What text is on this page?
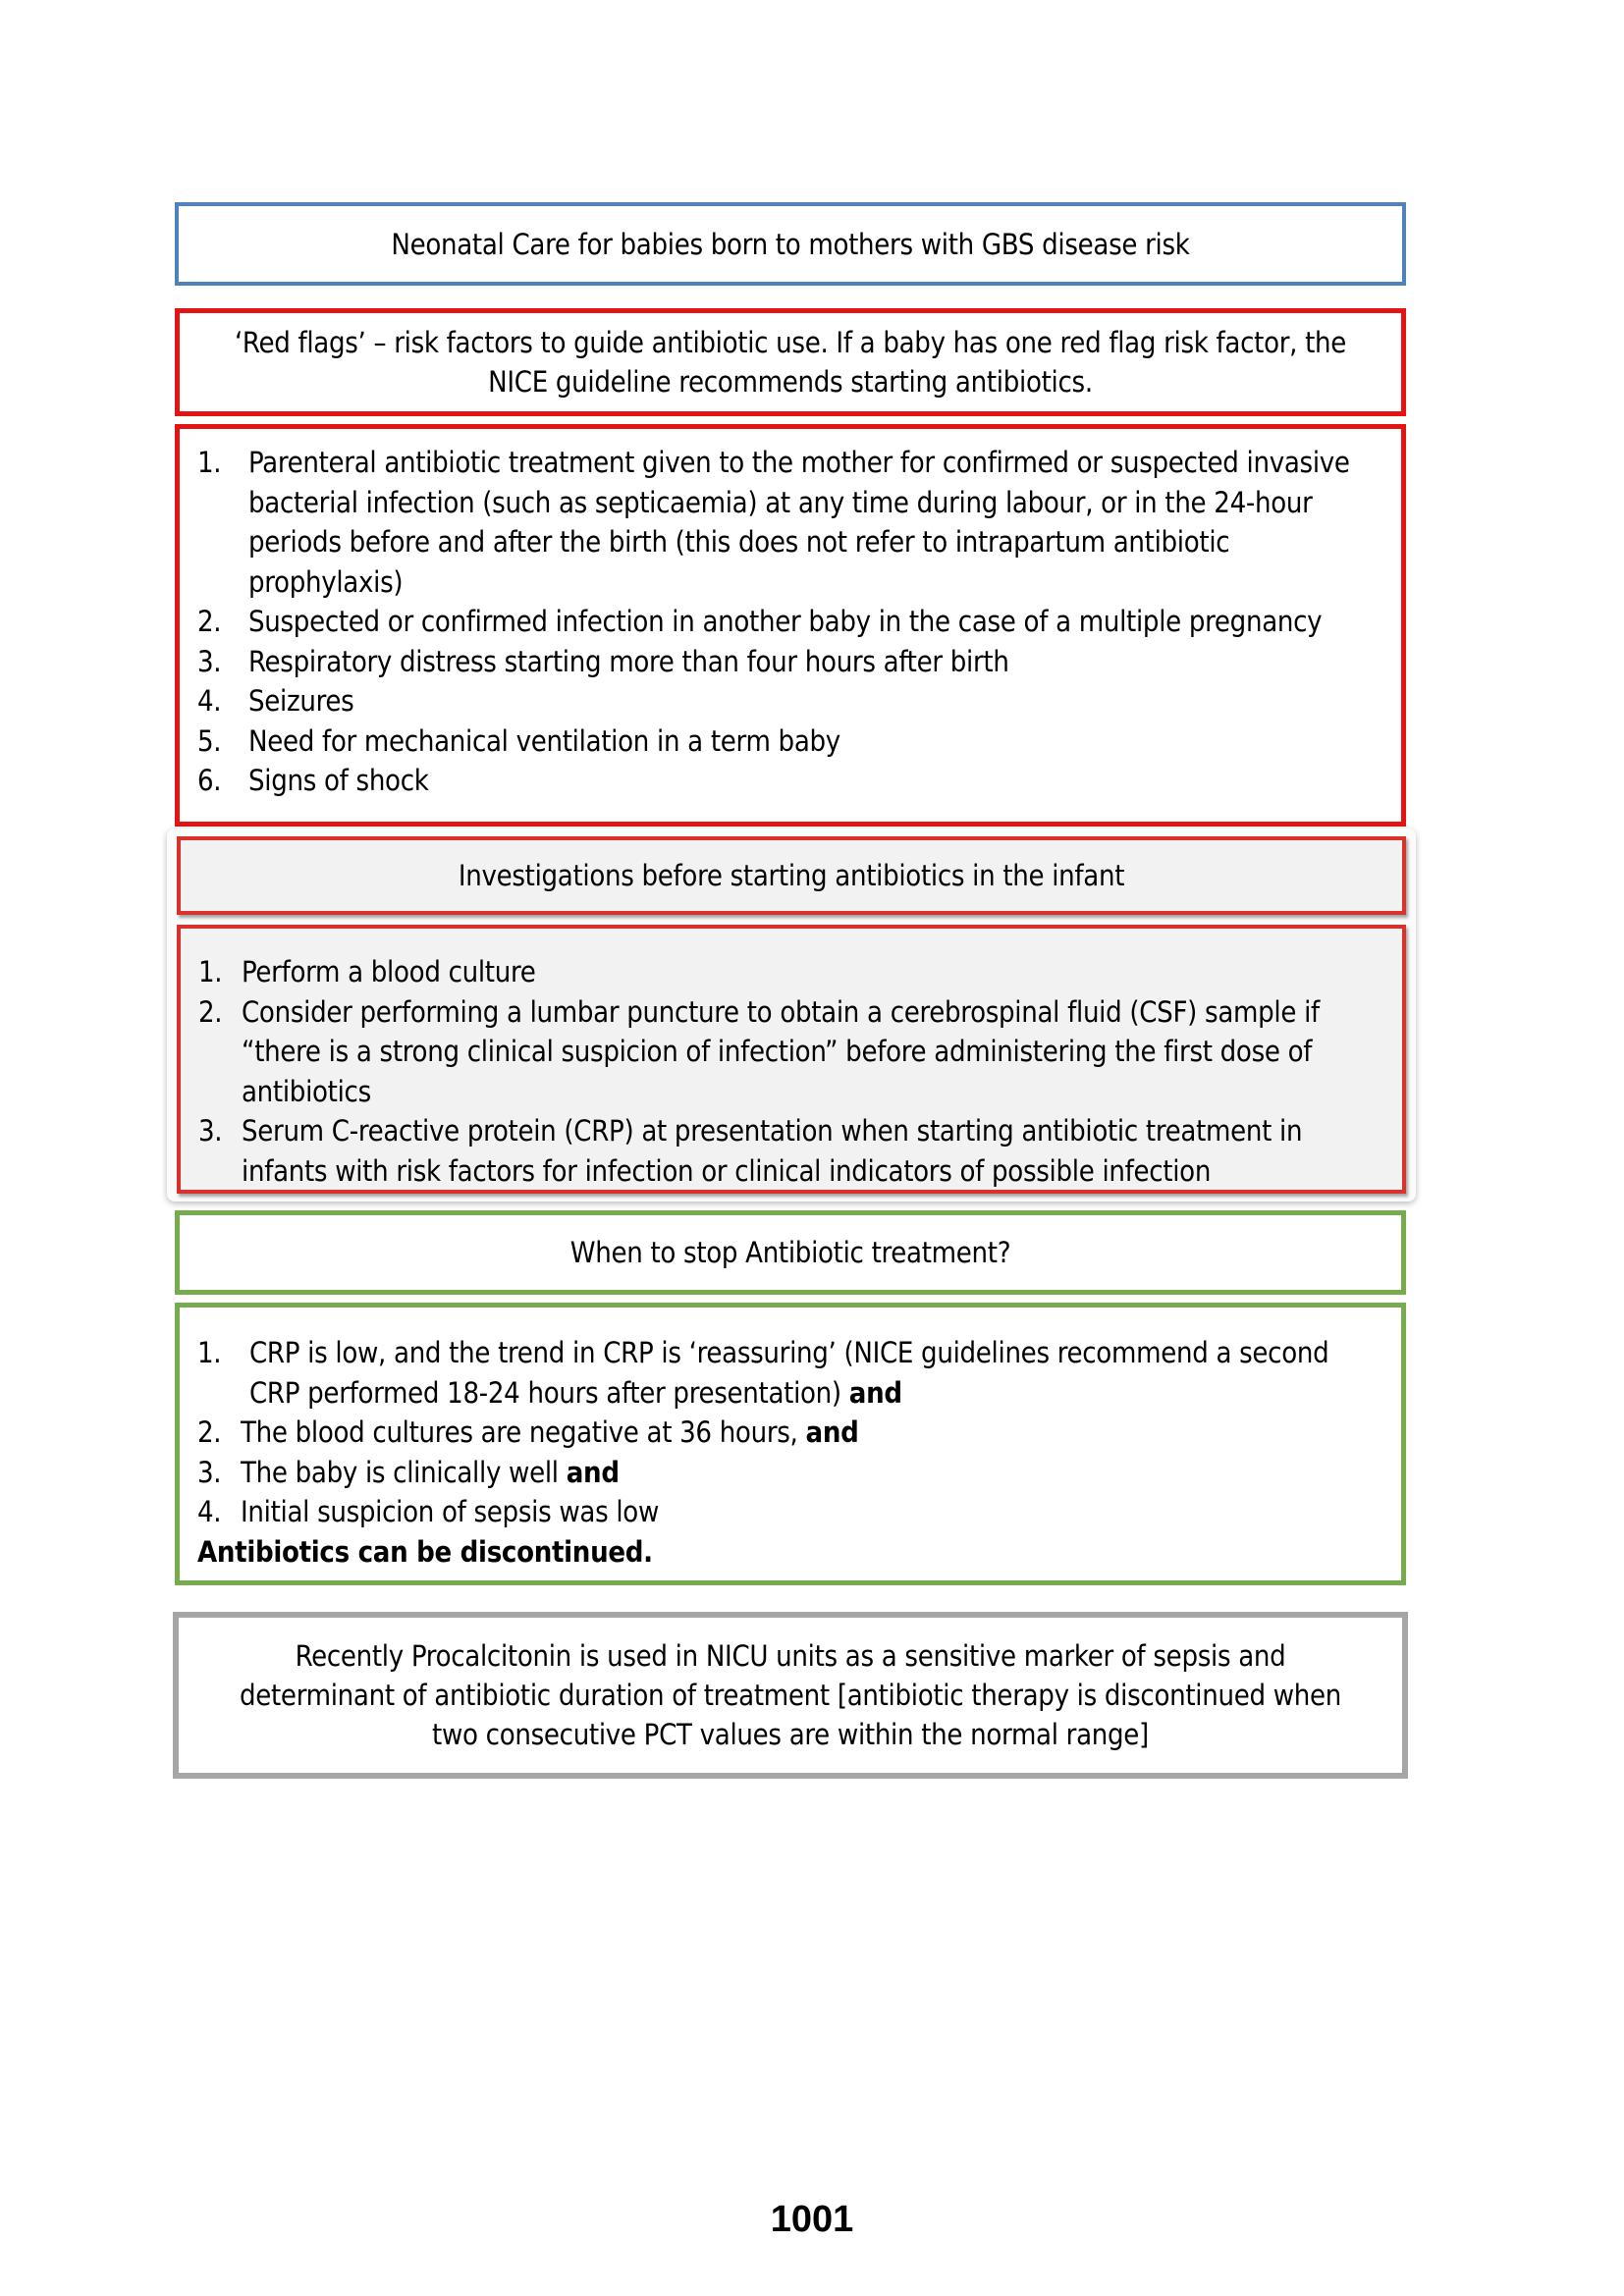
Neonatal Care for babies born to mothers with GBS disease risk
‘Red flags’ – risk factors to guide antibiotic use. If a baby has one red flag risk factor, the NICE guideline recommends starting antibiotics.
1. Parenteral antibiotic treatment given to the mother for confirmed or suspected invasive bacterial infection (such as septicaemia) at any time during labour, or in the 24-hour periods before and after the birth (this does not refer to intrapartum antibiotic prophylaxis)
2. Suspected or confirmed infection in another baby in the case of a multiple pregnancy
3. Respiratory distress starting more than four hours after birth
4. Seizures
5. Need for mechanical ventilation in a term baby
6. Signs of shock
Investigations before starting antibiotics in the infant
1. Perform a blood culture
2. Consider performing a lumbar puncture to obtain a cerebrospinal fluid (CSF) sample if “there is a strong clinical suspicion of infection” before administering the first dose of antibiotics
3. Serum C-reactive protein (CRP) at presentation when starting antibiotic treatment in infants with risk factors for infection or clinical indicators of possible infection
When to stop Antibiotic treatment?
1. CRP is low, and the trend in CRP is ‘reassuring’ (NICE guidelines recommend a second CRP performed 18-24 hours after presentation) and
2. The blood cultures are negative at 36 hours, and
3. The baby is clinically well and
4. Initial suspicion of sepsis was low
Antibiotics can be discontinued.
Recently Procalcitonin is used in NICU units as a sensitive marker of sepsis and determinant of antibiotic duration of treatment [antibiotic therapy is discontinued when two consecutive PCT values are within the normal range]
1001
